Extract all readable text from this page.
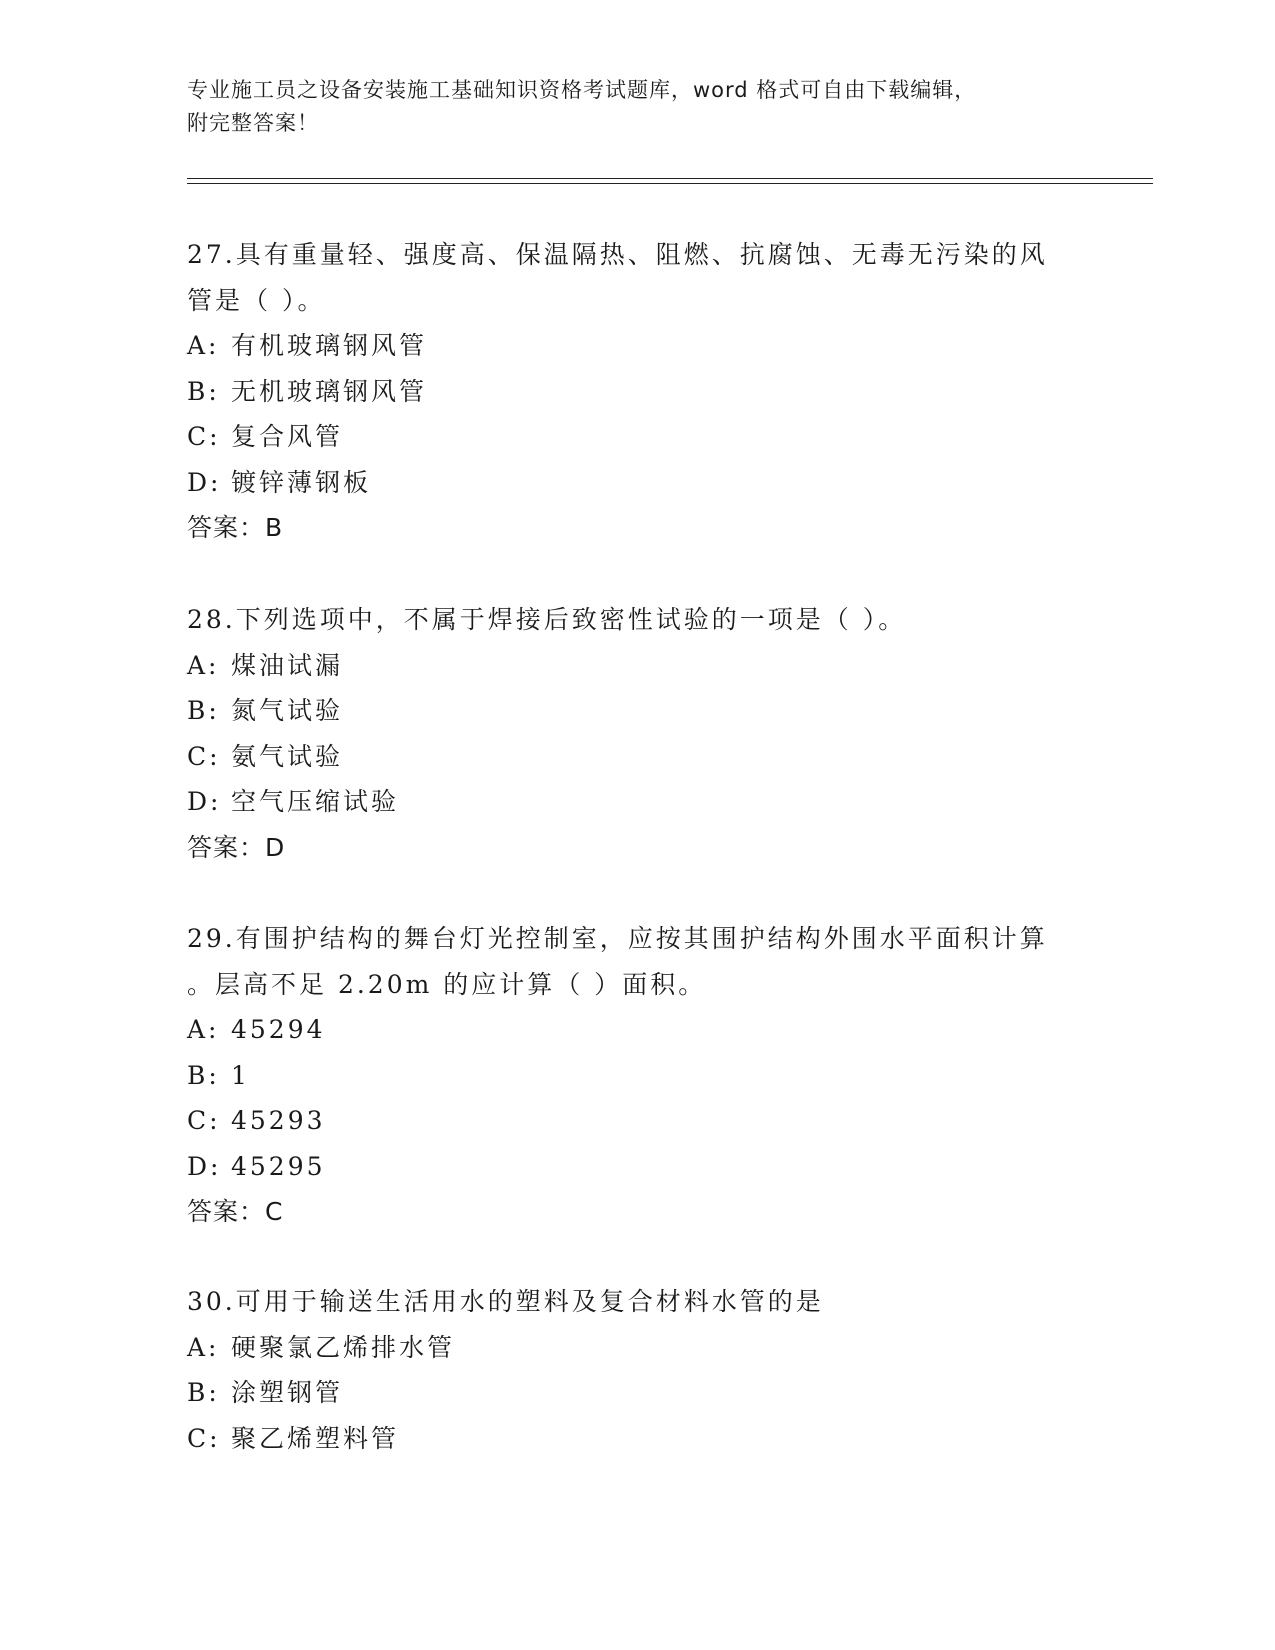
专业施工员之设备安装施工基础知识资格考试题库，word 格式可自由下载编辑，
附完整答案！
27.具有重量轻、强度高、保温隔热、阻燃、抗腐蚀、无毒无污染的风
管是（ ）。
A: 有机玻璃钢风管
B: 无机玻璃钢风管
C: 复合风管
D: 镀锌薄钢板
答案：B
28.下列选项中，不属于焊接后致密性试验的一项是（ ）。
A: 煤油试漏
B: 氮气试验
C: 氨气试验
D: 空气压缩试验
答案：D
29.有围护结构的舞台灯光控制室，应按其围护结构外围水平面积计算
。层高不足 2.20m 的应计算（ ）面积。
A: 45294
B: 1
C: 45293
D: 45295
答案：C
30.可用于输送生活用水的塑料及复合材料水管的是
A: 硬聚氯乙烯排水管
B: 涂塑钢管
C: 聚乙烯塑料管
